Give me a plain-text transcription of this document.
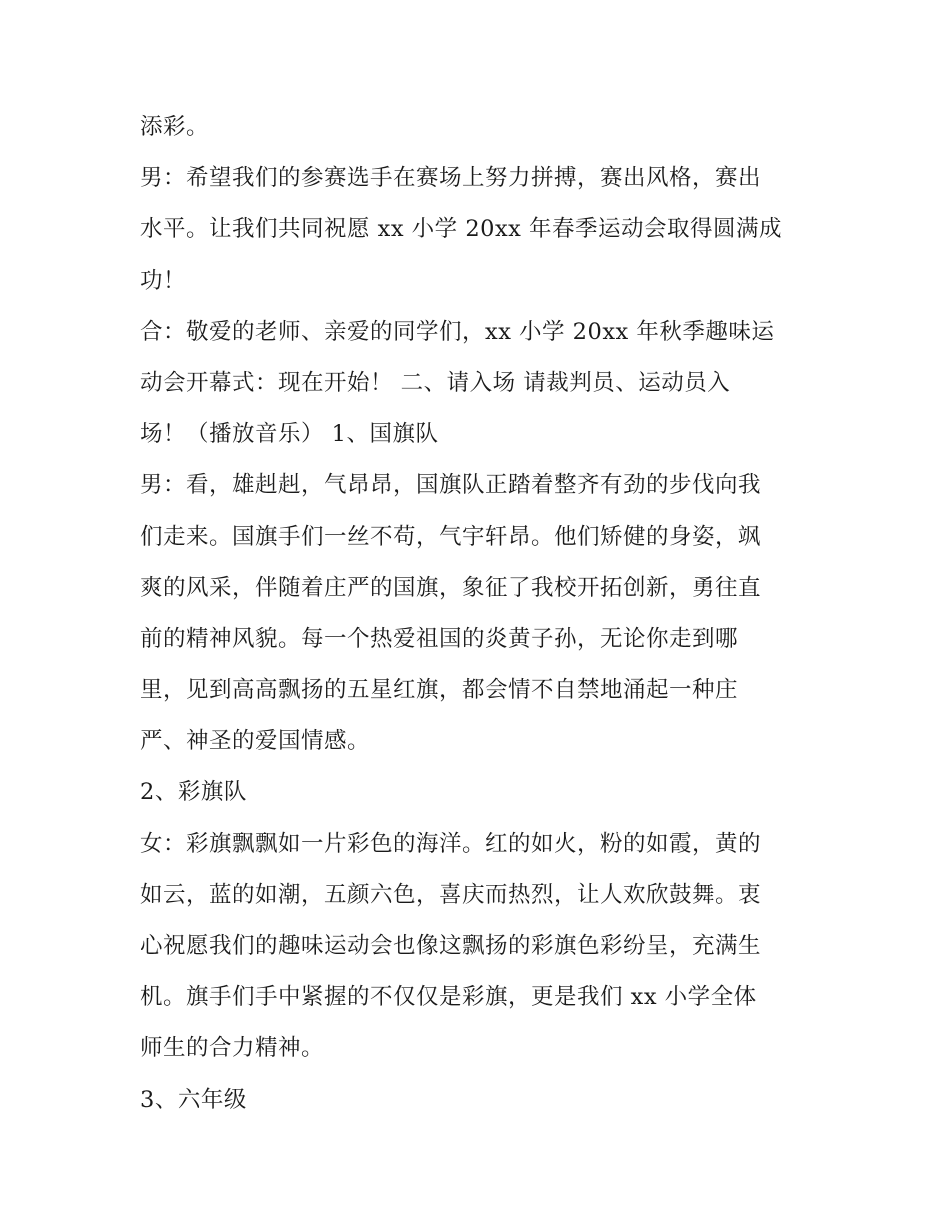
添彩。
男：希望我们的参赛选手在赛场上努力拼搏，赛出风格，赛出
水平。让我们共同祝愿 xx 小学 20xx 年春季运动会取得圆满成
功！
合：敬爱的老师、亲爱的同学们，xx 小学 20xx 年秋季趣味运
动会开幕式：现在开始！ 二、请入场 请裁判员、运动员入
场！（播放音乐） 1、国旗队
男：看，雄赳赳，气昂昂，国旗队正踏着整齐有劲的步伐向我
们走来。国旗手们一丝不苟，气宇轩昂。他们矫健的身姿，飒
爽的风采，伴随着庄严的国旗，象征了我校开拓创新，勇往直
前的精神风貌。每一个热爱祖国的炎黄子孙，无论你走到哪
里，见到高高飘扬的五星红旗，都会情不自禁地涌起一种庄
严、神圣的爱国情感。
2、彩旗队
女：彩旗飘飘如一片彩色的海洋。红的如火，粉的如霞，黄的
如云，蓝的如潮，五颜六色，喜庆而热烈，让人欢欣鼓舞。衷
心祝愿我们的趣味运动会也像这飘扬的彩旗色彩纷呈，充满生
机。旗手们手中紧握的不仅仅是彩旗，更是我们 xx 小学全体
师生的合力精神。
3、六年级
